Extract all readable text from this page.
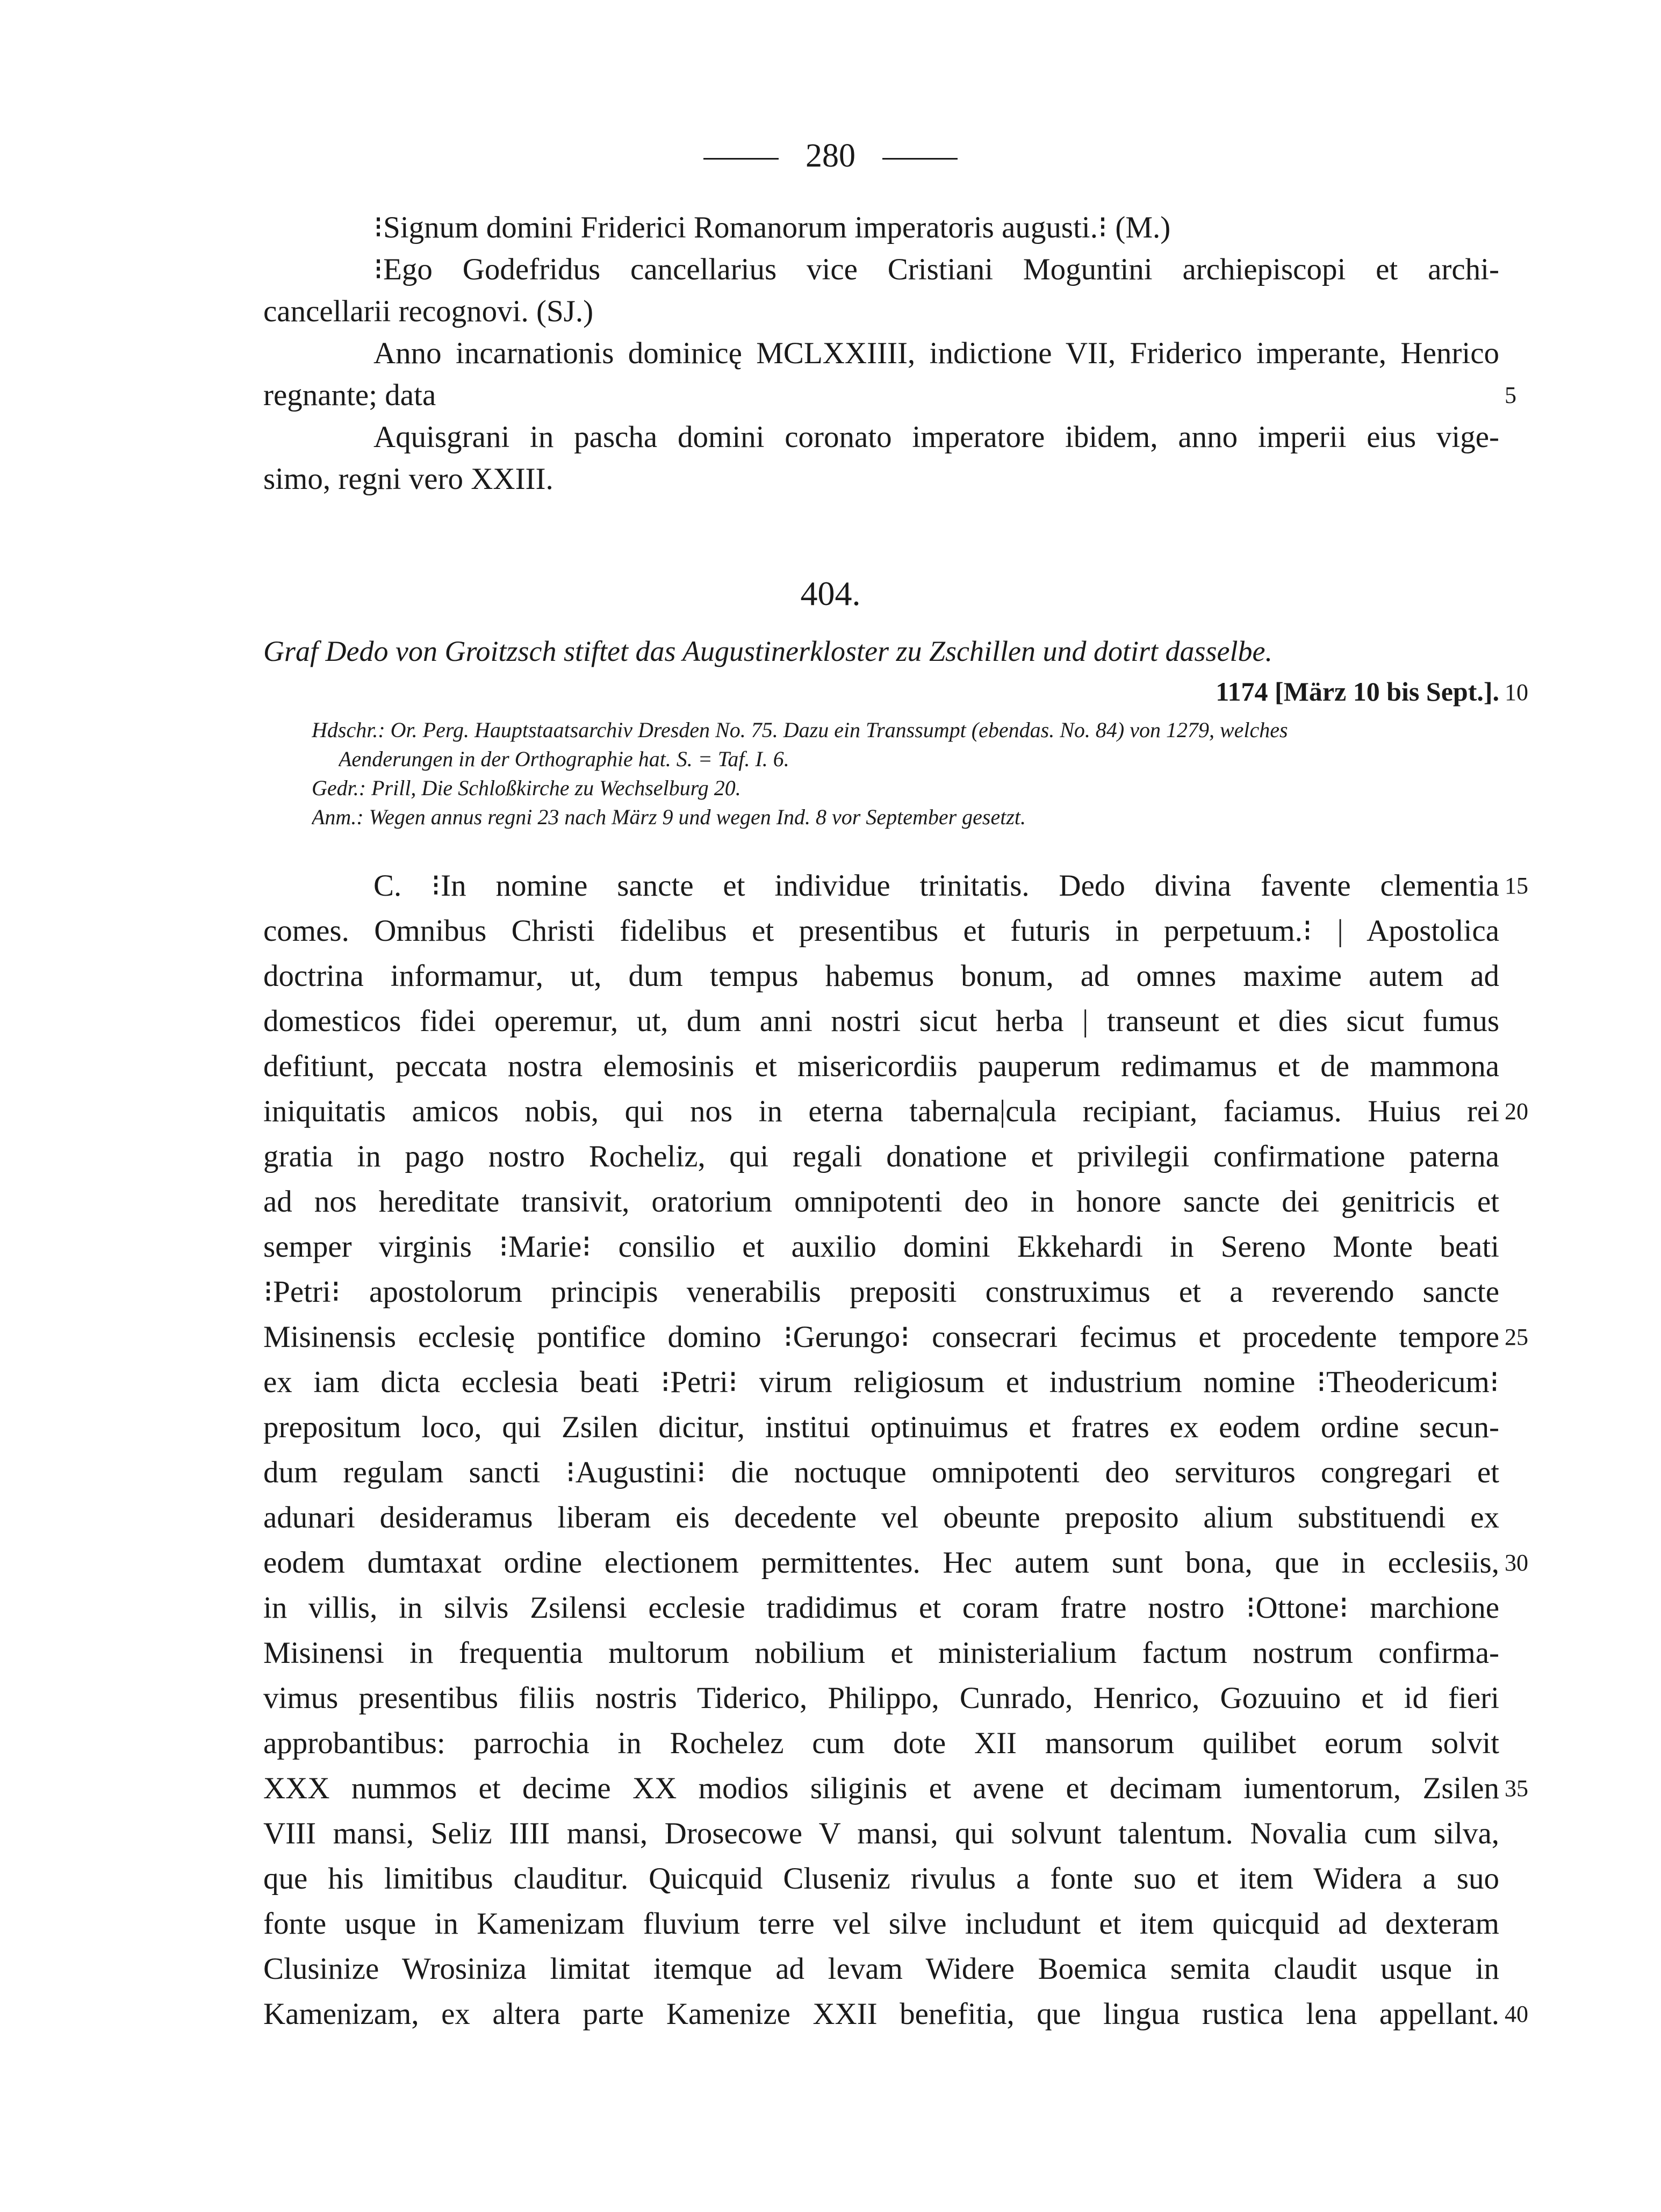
280
⁝Signum domini Friderici Romanorum imperatoris augusti.⁝ (M.)
⁝Ego Godefridus cancellarius vice Cristiani Moguntini archiepiscopi et archi-
cancellarii recognovi. (SJ.)
Anno incarnationis dominicę MCLXXIIII, indictione VII, Friderico imperante, Henrico
regnante; data
Aquisgrani in pascha domini coronato imperatore ibidem, anno imperii eius vige-
simo, regni vero XXIII.
5
404.
Graf Dedo von Groitzsch stiftet das Augustinerkloster zu Zschillen und dotirt dasselbe.
1174 [März 10 bis Sept.]. 10
Hdschr.: Or. Perg. Hauptstaatsarchiv Dresden No. 75. Dazu ein Transsumpt (ebendas. No. 84) von 1279, welches
Aenderungen in der Orthographie hat. S. = Taf. I. 6.
Gedr.: Prill, Die Schloßkirche zu Wechselburg 20.
Anm.: Wegen annus regni 23 nach März 9 und wegen Ind. 8 vor September gesetzt.
C. ⁝In nomine sancte et individue trinitatis. Dedo divina favente clementia 15
comes. Omnibus Christi fidelibus et presentibus et futuris in perpetuum.⁝ | Apostolica
doctrina informamur, ut, dum tempus habemus bonum, ad omnes maxime autem ad
domesticos fidei operemur, ut, dum anni nostri sicut herba | transeunt et dies sicut fumus
defitiunt, peccata nostra elemosinis et misericordiis pauperum redimamus et de mammona
iniquitatis amicos nobis, qui nos in eterna taberna|cula recipiant, faciamus. Huius rei 20
gratia in pago nostro Rocheliz, qui regali donatione et privilegii confirmatione paterna
ad nos hereditate transivit, oratorium omnipotenti deo in honore sancte dei genitricis et
semper virginis ⁝Marie⁝ consilio et auxilio domini Ekkehardi in Sereno Monte beati
⁝Petri⁝ apostolorum principis venerabilis prepositi construximus et a reverendo sancte
Misinensis ecclesię pontifice domino ⁝Gerungo⁝ consecrari fecimus et procedente tempore 25
ex iam dicta ecclesia beati ⁝Petri⁝ virum religiosum et industrium nomine ⁝Theodericum⁝
prepositum loco, qui Zsilen dicitur, institui optinuimus et fratres ex eodem ordine secun-
dum regulam sancti ⁝Augustini⁝ die noctuque omnipotenti deo servituros congregari et
adunari desideramus liberam eis decedente vel obeunte preposito alium substituendi ex
eodem dumtaxat ordine electionem permittentes. Hec autem sunt bona, que in ecclesiis, 30
in villis, in silvis Zsilensi ecclesie tradidimus et coram fratre nostro ⁝Ottone⁝ marchione
Misinensi in frequentia multorum nobilium et ministerialium factum nostrum confirma-
vimus presentibus filiis nostris Tiderico, Philippo, Cunrado, Henrico, Gozuuino et id fieri
approbantibus: parrochia in Rochelez cum dote XII mansorum quilibet eorum solvit
XXX nummos et decime XX modios siliginis et avene et decimam iumentorum, Zsilen 35
VIII mansi, Seliz IIII mansi, Drosecowe V mansi, qui solvunt talentum. Novalia cum silva,
que his limitibus clauditur. Quicquid Cluseniz rivulus a fonte suo et item Widera a suo
fonte usque in Kamenizam fluvium terre vel silve includunt et item quicquid ad dexteram
Clusinize Wrosiniza limitat itemque ad levam Widere Boemica semita claudit usque in
Kamenizam, ex altera parte Kamenize XXII benefitia, que lingua rustica lena appellant. 40
